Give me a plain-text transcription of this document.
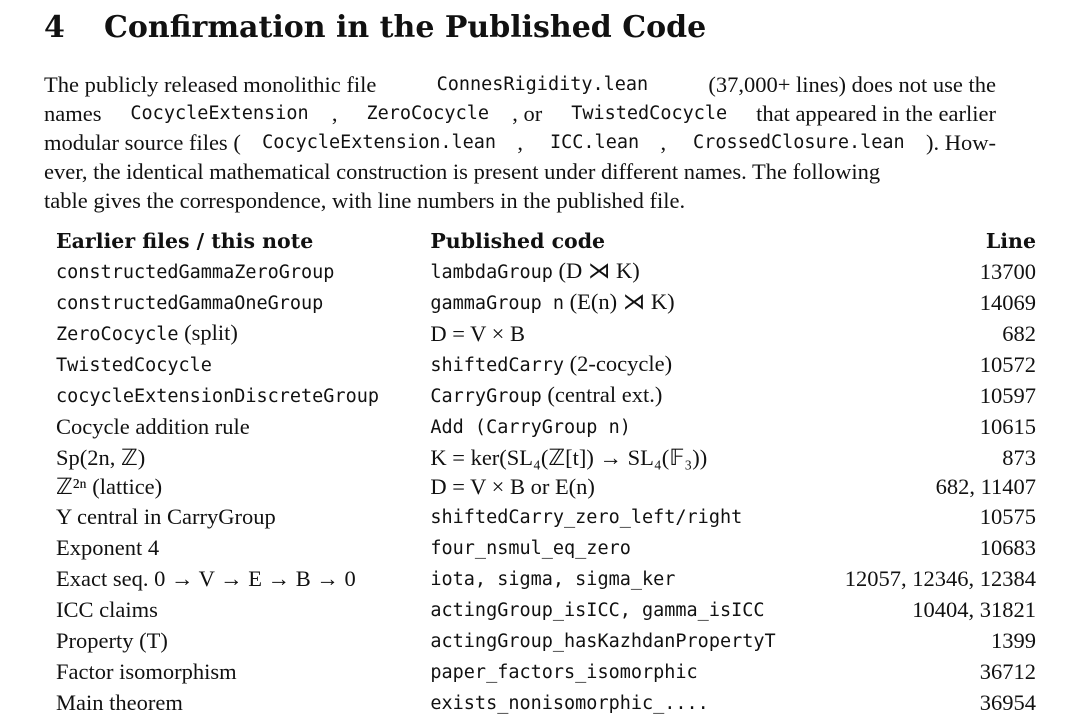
4 Confirmation in the Published Code
The publicly released monolithic file	ConnesRigidity.lean (37,000+ lines) does not use the
names CocycleExtension , ZeroCocycle , or TwistedCocycle that appeared in the earlier
modular source files ( CocycleExtension.lean , ICC.lean , CrossedClosure.lean ). How-
ever, the identical mathematical construction is present under different names. The following
table gives the correspondence, with line numbers in the published file.
Earlier files / this note	Published code	Line
constructedGammaZeroGroup	lambdaGroup (D ⋊ K)	13700
constructedGammaOneGroup	gammaGroup n (E(n) ⋊ K)	14069
ZeroCocycle (split)	D = V × B	682
TwistedCocycle	shiftedCarry (2-cocycle)	10572
cocycleExtensionDiscreteGroup	CarryGroup (central ext.)	10597
Cocycle addition rule	Add (CarryGroup n)	10615
Sp(2n, ℤ)	K = ker(SL₄(ℤ[t]) → SL₄(𝔽₃))	873
ℤ²ⁿ (lattice)	D = V × B or E(n)	682, 11407
Y central in CarryGroup	shiftedCarry_zero_left/right	10575
Exponent 4	four_nsmul_eq_zero	10683
Exact seq. 0 → V → E → B → 0	iota, sigma, sigma_ker	12057, 12346, 12384
ICC claims	actingGroup_isICC, gamma_isICC	10404, 31821
Property (T)	actingGroup_hasKazhdanPropertyT	1399
Factor isomorphism	paper_factors_isomorphic	36712
Main theorem	exists_nonisomorphic_....	36954
